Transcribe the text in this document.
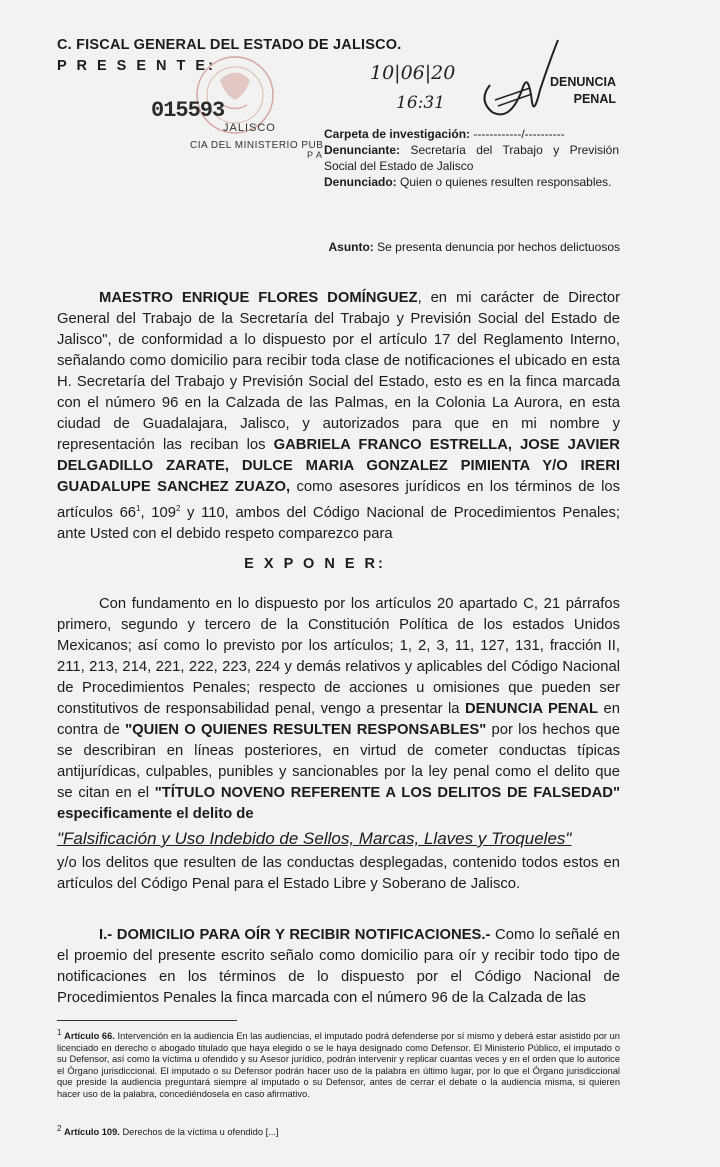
C. FISCAL GENERAL DEL ESTADO DE JALISCO.
P R E S E N T E:
015593
JALISCO
CIA DEL MINISTERIO PUB
P A
10|06|20
16:31
DENUNCIA
PENAL
Carpeta de investigación: ------------/----------
Denunciante: Secretaría del Trabajo y Previsión Social del Estado de Jalisco
Denunciado: Quien o quienes resulten responsables.
Asunto: Se presenta denuncia por hechos delictuosos
MAESTRO ENRIQUE FLORES DOMÍNGUEZ, en mi carácter de Director General del Trabajo de la Secretaría del Trabajo y Previsión Social del Estado de Jalisco", de conformidad a lo dispuesto por el artículo 17 del Reglamento Interno, señalando como domicilio para recibir toda clase de notificaciones el ubicado en esta H. Secretaría del Trabajo y Previsión Social del Estado, esto es en la finca marcada con el número 96 en la Calzada de las Palmas, en la Colonia La Aurora, en esta ciudad de Guadalajara, Jalisco, y autorizados para que en mi nombre y representación las reciban los GABRIELA FRANCO ESTRELLA, JOSE JAVIER DELGADILLO ZARATE, DULCE MARIA GONZALEZ PIMIENTA Y/O IRERI GUADALUPE SANCHEZ ZUAZO, como asesores jurídicos en los términos de los artículos $66^1$, $109^2$ y 110, ambos del Código Nacional de Procedimientos Penales; ante Usted con el debido respeto comparezco para
E X P O N E R:
Con fundamento en lo dispuesto por los artículos 20 apartado C, 21 párrafos primero, segundo y tercero de la Constitución Política de los estados Unidos Mexicanos; así como lo previsto por los artículos; 1, 2, 3, 11, 127, 131, fracción II, 211, 213, 214, 221, 222, 223, 224 y demás relativos y aplicables del Código Nacional de Procedimientos Penales; respecto de acciones u omisiones que pueden ser constitutivos de responsabilidad penal, vengo a presentar la DENUNCIA PENAL en contra de "QUIEN O QUIENES RESULTEN RESPONSABLES" por los hechos que se describiran en líneas posteriores, en virtud de cometer conductas típicas antijurídicas, culpables, punibles y sancionables por la ley penal como el delito que se citan en el "TÍTULO NOVENO REFERENTE A LOS DELITOS DE FALSEDAD" especificamente el delito de
"Falsificación y Uso Indebido de Sellos, Marcas, Llaves y Troqueles"
y/o los delitos que resulten de las conductas desplegadas, contenido todos estos en artículos del Código Penal para el Estado Libre y Soberano de Jalisco.
I.- DOMICILIO PARA OÍR Y RECIBIR NOTIFICACIONES.- Como lo señalé en el proemio del presente escrito señalo como domicilio para oír y recibir todo tipo de notificaciones en los términos de lo dispuesto por el Código Nacional de Procedimientos Penales la finca marcada con el número 96 de la Calzada de las
$^1$ Artículo 66. Intervención en la audiencia En las audiencias, el imputado podrá defenderse por sí mismo y deberá estar asistido por un licenciado en derecho o abogado titulado que haya elegido o se le haya designado como Defensor. El Ministerio Público, el imputado o su Defensor, así como la víctima u ofendido y su Asesor jurídico, podrán intervenir y replicar cuantas veces y en el orden que lo autorice el Órgano jurisdiccional. El imputado o su Defensor podrán hacer uso de la palabra en último lugar, por lo que el Órgano jurisdiccional que preside la audiencia preguntará siempre al imputado o su Defensor, antes de cerrar el debate o la audiencia misma, si quieren hacer uso de la palabra, concediéndosela en caso afirmativo.
$^2$ Artículo 109. Derechos de la víctima u ofendido [...]
